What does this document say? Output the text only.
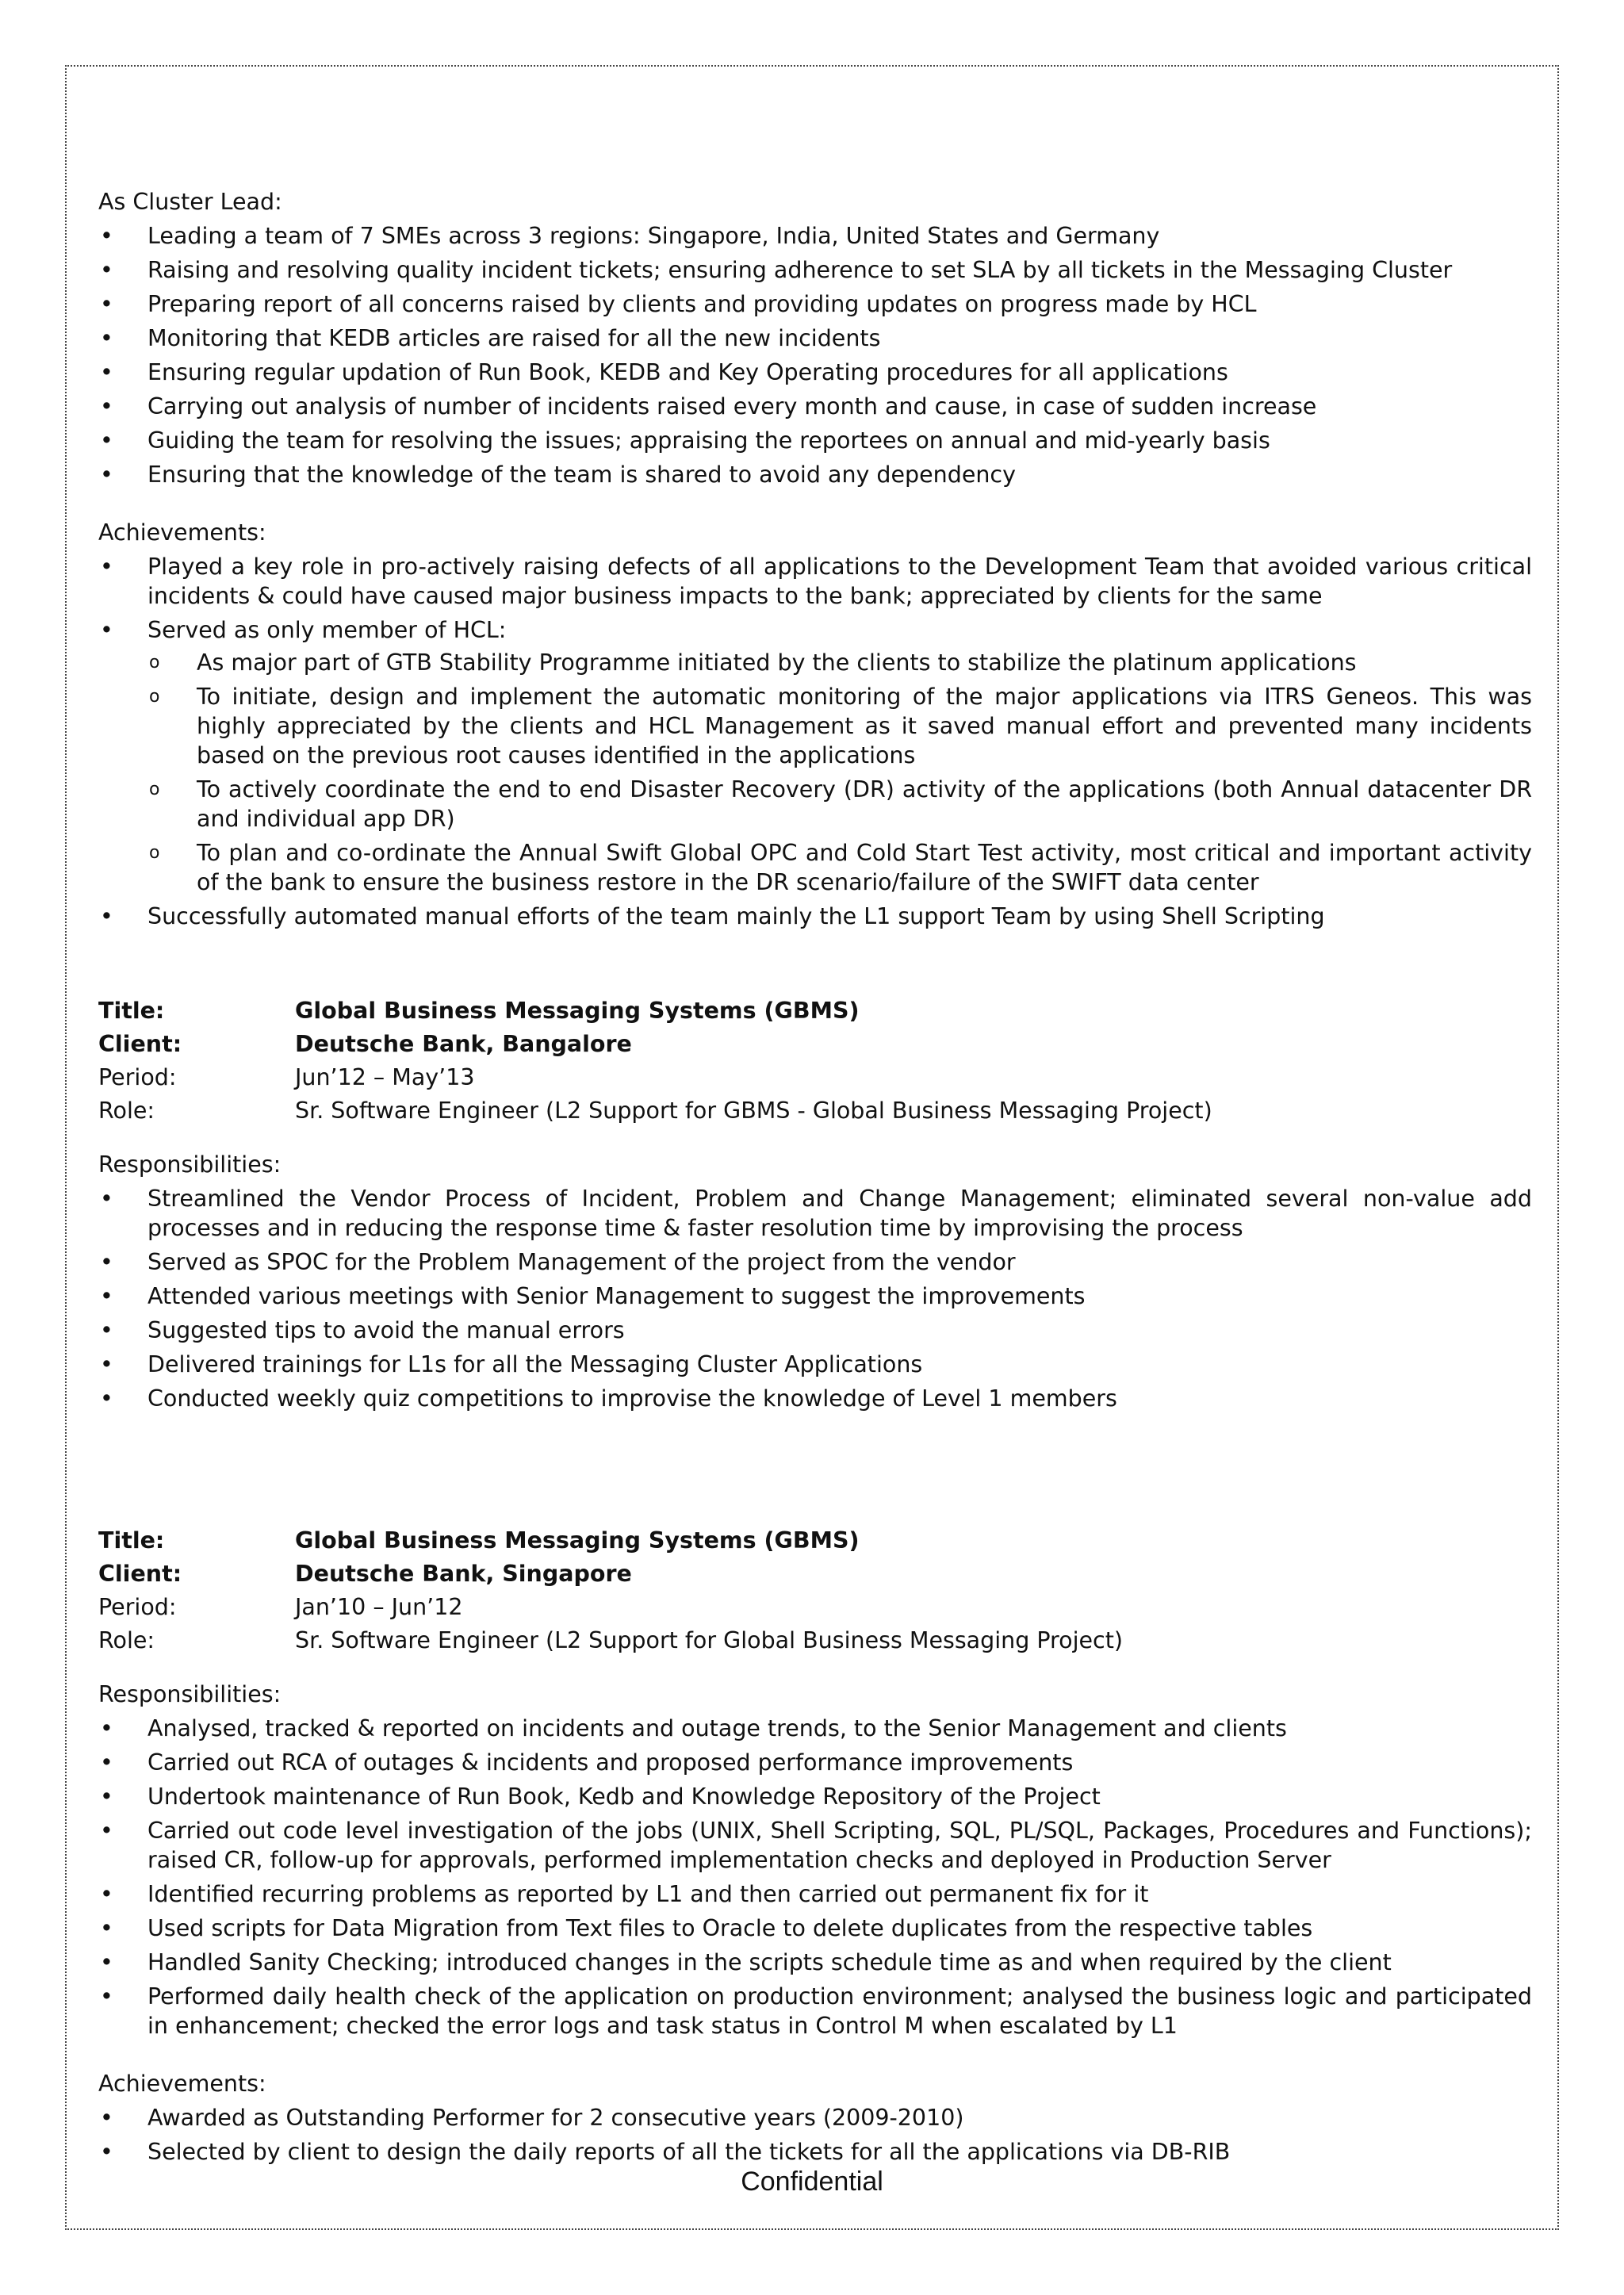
As Cluster Lead:

• Leading a team of 7 SMEs across 3 regions: Singapore, India, United States and Germany
• Raising and resolving quality incident tickets; ensuring adherence to set SLA by all tickets in the Messaging Cluster
• Preparing report of all concerns raised by clients and providing updates on progress made by HCL
• Monitoring that KEDB articles are raised for all the new incidents
• Ensuring regular updation of Run Book, KEDB and Key Operating procedures for all applications
• Carrying out analysis of number of incidents raised every month and cause, in case of sudden increase
• Guiding the team for resolving the issues; appraising the reportees on annual and mid-yearly basis
• Ensuring that the knowledge of the team is shared to avoid any dependency

Achievements:

• Played a key role in pro-actively raising defects of all applications to the Development Team that avoided various critical incidents & could have caused major business impacts to the bank; appreciated by clients for the same
• Served as only member of HCL:
o As major part of GTB Stability Programme initiated by the clients to stabilize the platinum applications
o To initiate, design and implement the automatic monitoring of the major applications via ITRS Geneos. This was highly appreciated by the clients and HCL Management as it saved manual effort and prevented many incidents based on the previous root causes identified in the applications
o To actively coordinate the end to end Disaster Recovery (DR) activity of the applications (both Annual datacenter DR and individual app DR)
o To plan and co-ordinate the Annual Swift Global OPC and Cold Start Test activity, most critical and important activity of the bank to ensure the business restore in the DR scenario/failure of the SWIFT data center
• Successfully automated manual efforts of the team mainly the L1 support Team by using Shell Scripting
Title:	Global Business Messaging Systems (GBMS)
Client:	Deutsche Bank, Bangalore
Period:	Jun’12 – May’13
Role:	Sr. Software Engineer (L2 Support for GBMS - Global Business Messaging Project)

Responsibilities:

• Streamlined the Vendor Process of Incident, Problem and Change Management; eliminated several non-value add processes and in reducing the response time & faster resolution time by improvising the process
• Served as SPOC for the Problem Management of the project from the vendor
• Attended various meetings with Senior Management to suggest the improvements
• Suggested tips to avoid the manual errors
• Delivered trainings for L1s for all the Messaging Cluster Applications
• Conducted weekly quiz competitions to improvise the knowledge of Level 1 members
Title:	Global Business Messaging Systems (GBMS)
Client:	Deutsche Bank, Singapore
Period:	Jan’10 – Jun’12
Role:	Sr. Software Engineer (L2 Support for Global Business Messaging Project)

Responsibilities:

• Analysed, tracked & reported on incidents and outage trends, to the Senior Management and clients
• Carried out RCA of outages & incidents and proposed performance improvements
• Undertook maintenance of Run Book, Kedb and Knowledge Repository of the Project
• Carried out code level investigation of the jobs (UNIX, Shell Scripting, SQL, PL/SQL, Packages, Procedures and Functions); raised CR, follow-up for approvals, performed implementation checks and deployed in Production Server
• Identified recurring problems as reported by L1 and then carried out permanent fix for it
• Used scripts for Data Migration from Text files to Oracle to delete duplicates from the respective tables
• Handled Sanity Checking; introduced changes in the scripts schedule time as and when required by the client
• Performed daily health check of the application on production environment; analysed the business logic and participated in enhancement; checked the error logs and task status in Control M when escalated by L1

Achievements:

• Awarded as Outstanding Performer for 2 consecutive years (2009-2010)
• Selected by client to design the daily reports of all the tickets for all the applications via DB-RIB
Confidential
